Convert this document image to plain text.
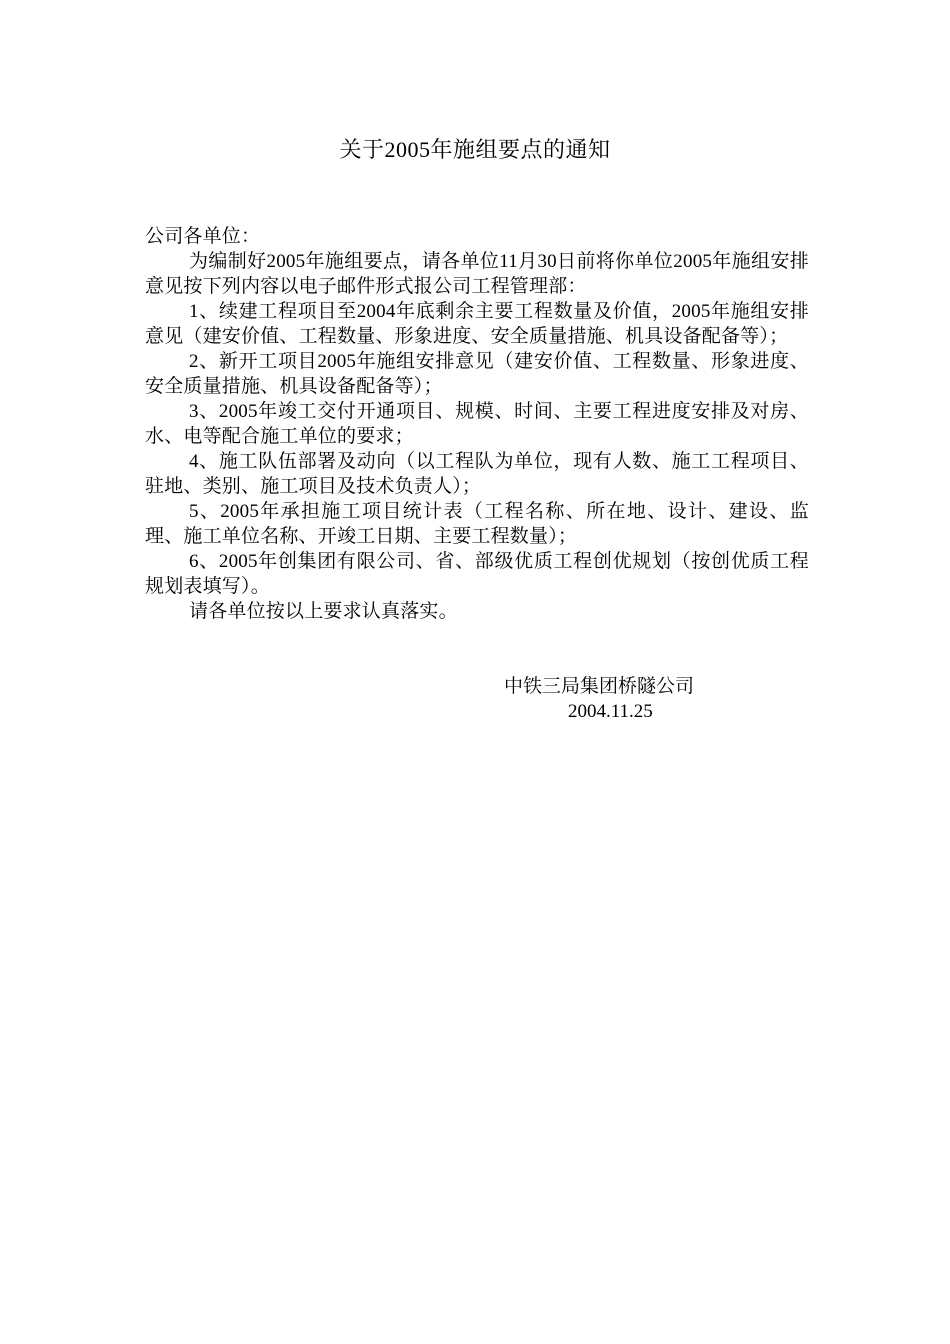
关于2005年施组要点的通知

公司各单位：

为编制好2005年施组要点，请各单位11月30日前将你单位2005年施组安排意见按下列内容以电子邮件形式报公司工程管理部：

1、续建工程项目至2004年底剩余主要工程数量及价值，2005年施组安排意见（建安价值、工程数量、形象进度、安全质量措施、机具设备配备等）；

2、新开工项目2005年施组安排意见（建安价值、工程数量、形象进度、安全质量措施、机具设备配备等）；

3、2005年竣工交付开通项目、规模、时间、主要工程进度安排及对房、水、电等配合施工单位的要求；

4、施工队伍部署及动向（以工程队为单位，现有人数、施工工程项目、驻地、类别、施工项目及技术负责人）；

5、2005年承担施工项目统计表（工程名称、所在地、设计、建设、监理、施工单位名称、开竣工日期、主要工程数量）；

6、2005年创集团有限公司、省、部级优质工程创优规划（按创优质工程规划表填写）。

请各单位按以上要求认真落实。

中铁三局集团桥隧公司
2004.11.25
